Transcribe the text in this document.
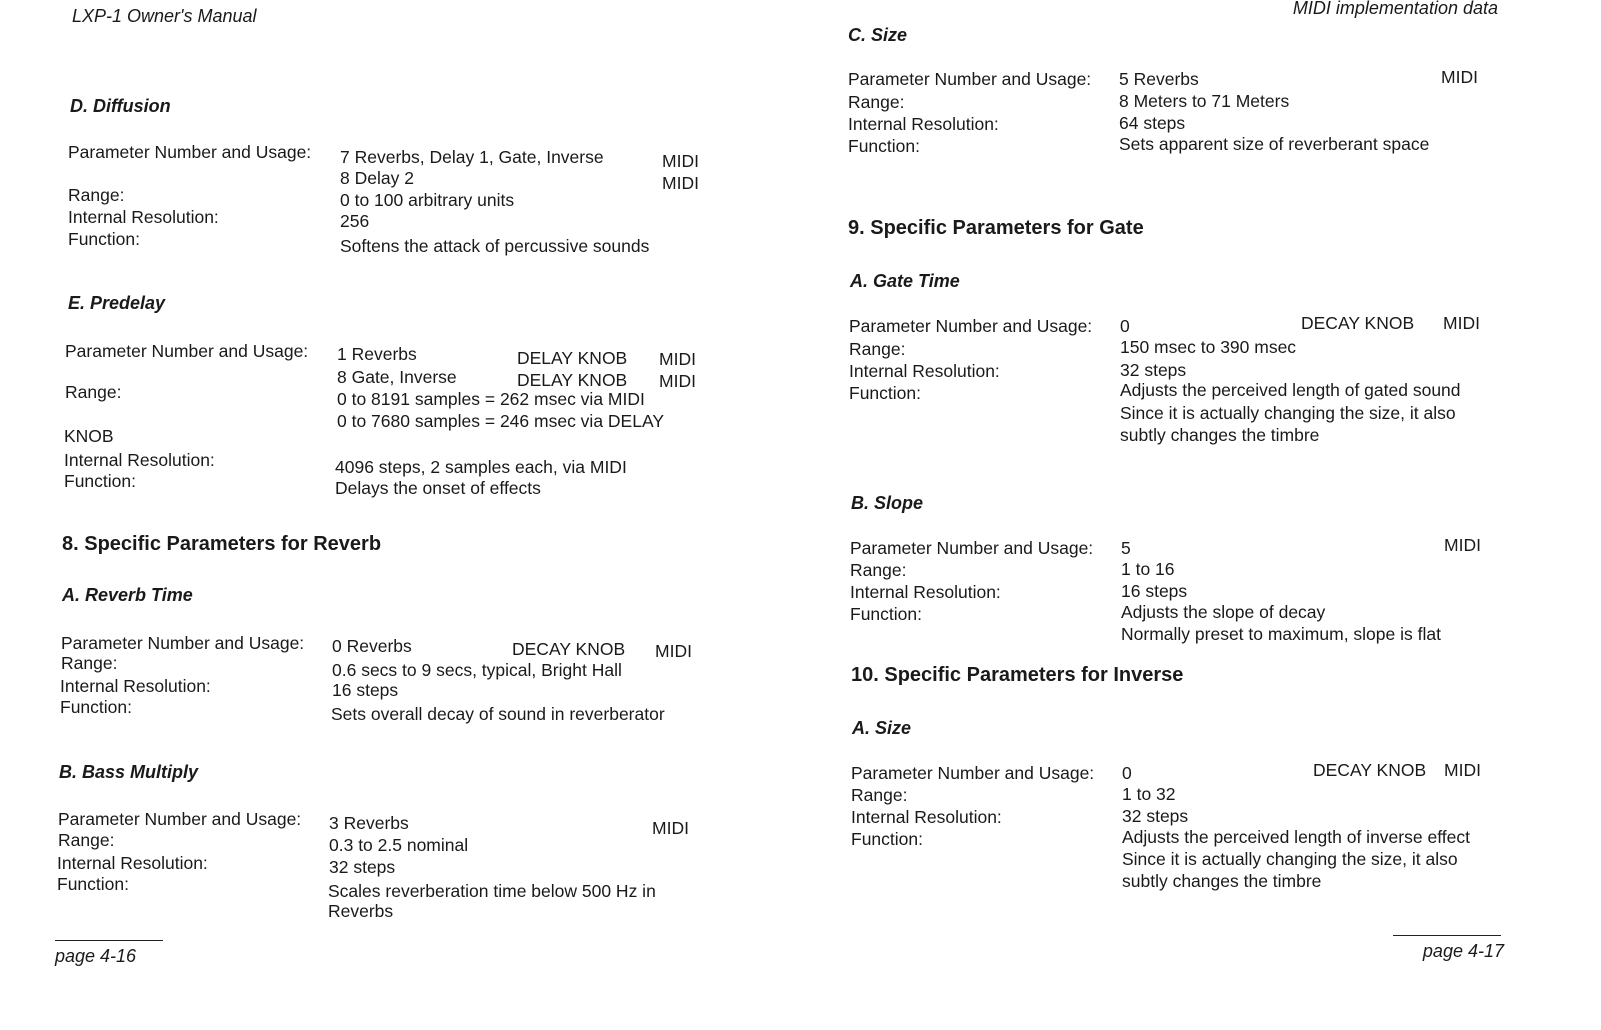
LXP-1 Owner's Manual
D. Diffusion
Parameter Number and Usage:
Range:
Internal Resolution:
Function:
7 Reverbs, Delay 1, Gate, Inverse
8 Delay 2
0 to 100 arbitrary units
256
Softens the attack of percussive sounds
MIDI
MIDI
E. Predelay
Parameter Number and Usage:
Range:
KNOB
Internal Resolution:
Function:
1 Reverbs
8 Gate, Inverse
0 to 8191 samples = 262 msec via MIDI
0 to 7680 samples = 246 msec via DELAY
4096 steps, 2 samples each, via MIDI
Delays the onset of effects
DELAY KNOB
DELAY KNOB
MIDI
MIDI
8. Specific Parameters for Reverb
A. Reverb Time
Parameter Number and Usage:
Range:
Internal Resolution:
Function:
0 Reverbs
0.6 secs to 9 secs, typical, Bright Hall
16 steps
Sets overall decay of sound in reverberator
DECAY KNOB MIDI
B. Bass Multiply
Parameter Number and Usage:
Range:
Internal Resolution:
Function:
3 Reverbs
0.3 to 2.5 nominal
32 steps
Scales reverberation time below 500 Hz in
Reverbs
MIDI
page 4-16
MIDI implementation data
C. Size
Parameter Number and Usage:
Range:
Internal Resolution:
Function:
5 Reverbs
8 Meters to 71 Meters
64 steps
Sets apparent size of reverberant space
MIDI
9. Specific Parameters for Gate
A. Gate Time
Parameter Number and Usage:
Range:
Internal Resolution:
Function:
0
150 msec to 390 msec
32 steps
Adjusts the perceived length of gated sound
Since it is actually changing the size, it also
subtly changes the timbre
DECAY KNOB MIDI
B. Slope
Parameter Number and Usage:
Range:
Internal Resolution:
Function:
5
1 to 16
16 steps
Adjusts the slope of decay
Normally preset to maximum, slope is flat
MIDI
10. Specific Parameters for Inverse
A. Size
Parameter Number and Usage:
Range:
Internal Resolution:
Function:
0
1 to 32
32 steps
Adjusts the perceived length of inverse effect
Since it is actually changing the size, it also
subtly changes the timbre
DECAY KNOB MIDI
page 4-17
